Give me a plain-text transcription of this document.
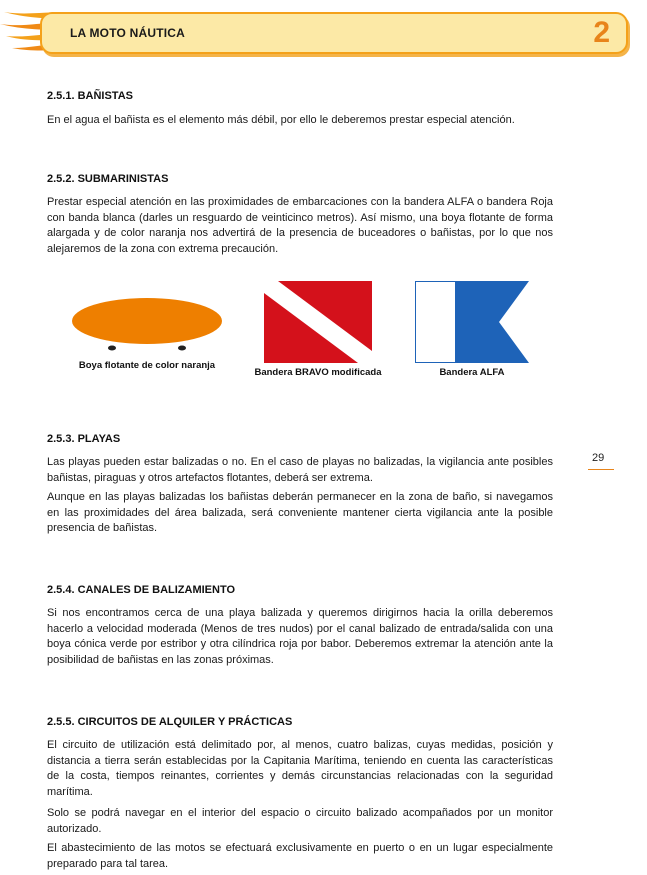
LA MOTO NÁUTICA	2
2.5.1. BAÑISTAS

En el agua el bañista es el elemento más débil, por ello le deberemos prestar especial atención.

2.5.2. SUBMARINISTAS

Prestar especial atención en las proximidades de embarcaciones con la bandera ALFA o bandera Roja con banda blanca (darles un resguardo de veinticinco metros). Así mismo, una boya flotante de forma alargada y de color naranja nos advertirá de la presencia de buceadores o bañistas, por lo que nos alejaremos de la zona con extrema precaución.

Boya flotante de color naranja
Bandera BRAVO modificada	Bandera ALFA
2.5.3. PLAYAS

Las playas pueden estar balizadas o no. En el caso de playas no balizadas, la vigilancia ante posibles bañistas, piraguas y otros artefactos flotantes, deberá ser extrema.

Aunque en las playas balizadas los bañistas deberán permanecer en la zona de baño, si navegamos en las proximidades del área balizada, será conveniente mantener cierta vigilancia ante la posible presencia de bañistas.

29
2.5.4. CANALES DE BALIZAMIENTO

Si nos encontramos cerca de una playa balizada y queremos dirigirnos hacia la orilla deberemos hacerlo a velocidad moderada (Menos de tres nudos) por el canal balizado de entrada/salida con una boya cónica verde por estribor y otra cilíndrica roja por babor. Deberemos extremar la atención ante la posibilidad de bañistas en las zonas próximas.

2.5.5. CIRCUITOS DE ALQUILER Y PRÁCTICAS

El circuito de utilización está delimitado por, al menos, cuatro balizas, cuyas medidas, posición y distancia a tierra serán establecidas por la Capitania Marítima, teniendo en cuenta las características de la costa, tiempos reinantes, corrientes y demás circunstancias relacionadas con la seguridad marítima.

Solo se podrá navegar en el interior del espacio o circuito balizado acompañados por un monitor autorizado.

El abastecimiento de las motos se efectuará exclusivamente en puerto o en un lugar especialmente preparado para tal tarea.
